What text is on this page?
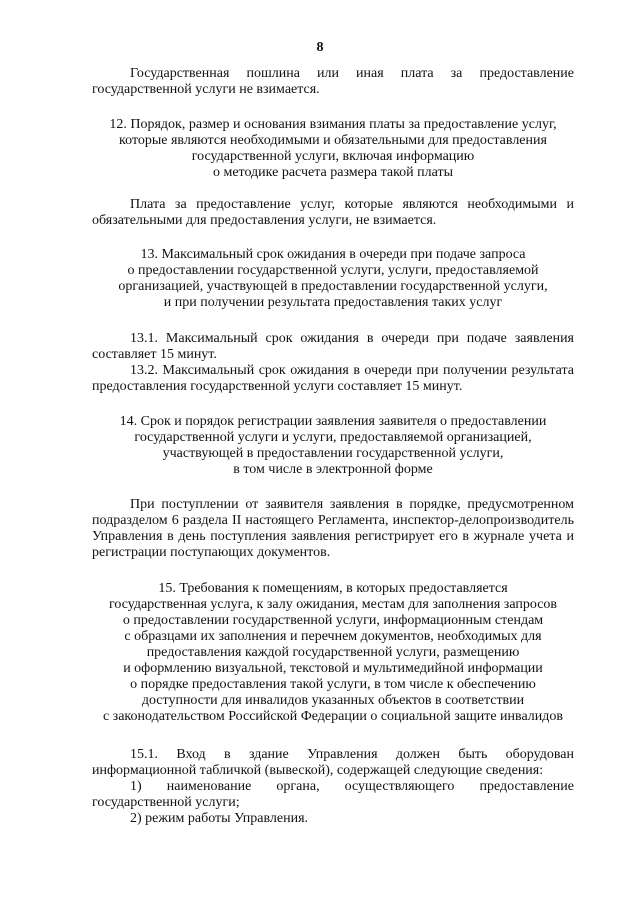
8
Государственная пошлина или иная плата за предоставление государственной услуги не взимается.
12. Порядок, размер и основания взимания платы за предоставление услуг,
которые являются необходимыми и обязательными для предоставления
государственной услуги, включая информацию
о методике расчета размера такой платы
Плата за предоставление услуг, которые являются необходимыми и обязательными для предоставления услуги, не взимается.
13. Максимальный срок ожидания в очереди при подаче запроса
о предоставлении государственной услуги, услуги, предоставляемой
организацией, участвующей в предоставлении государственной услуги,
и при получении результата предоставления таких услуг
13.1. Максимальный срок ожидания в очереди при подаче заявления составляет 15 минут.
13.2. Максимальный срок ожидания в очереди при получении результата предоставления государственной услуги составляет 15 минут.
14. Срок и порядок регистрации заявления заявителя о предоставлении
государственной услуги и услуги, предоставляемой организацией,
участвующей в предоставлении государственной услуги,
в том числе в электронной форме
При поступлении от заявителя заявления в порядке, предусмотренном подразделом 6 раздела II настоящего Регламента, инспектор-делопроизводитель Управления в день поступления заявления регистрирует его в журнале учета и регистрации поступающих документов.
15. Требования к помещениям, в которых предоставляется
государственная услуга, к залу ожидания, местам для заполнения запросов
о предоставлении государственной услуги, информационным стендам
с образцами их заполнения и перечнем документов, необходимых для
предоставления каждой государственной услуги, размещению
и оформлению визуальной, текстовой и мультимедийной информации
о порядке предоставления такой услуги, в том числе к обеспечению
доступности для инвалидов указанных объектов в соответствии
с законодательством Российской Федерации о социальной защите инвалидов
15.1. Вход в здание Управления должен быть оборудован информационной табличкой (вывеской), содержащей следующие сведения:
1) наименование органа, осуществляющего предоставление государственной услуги;
2) режим работы Управления.
